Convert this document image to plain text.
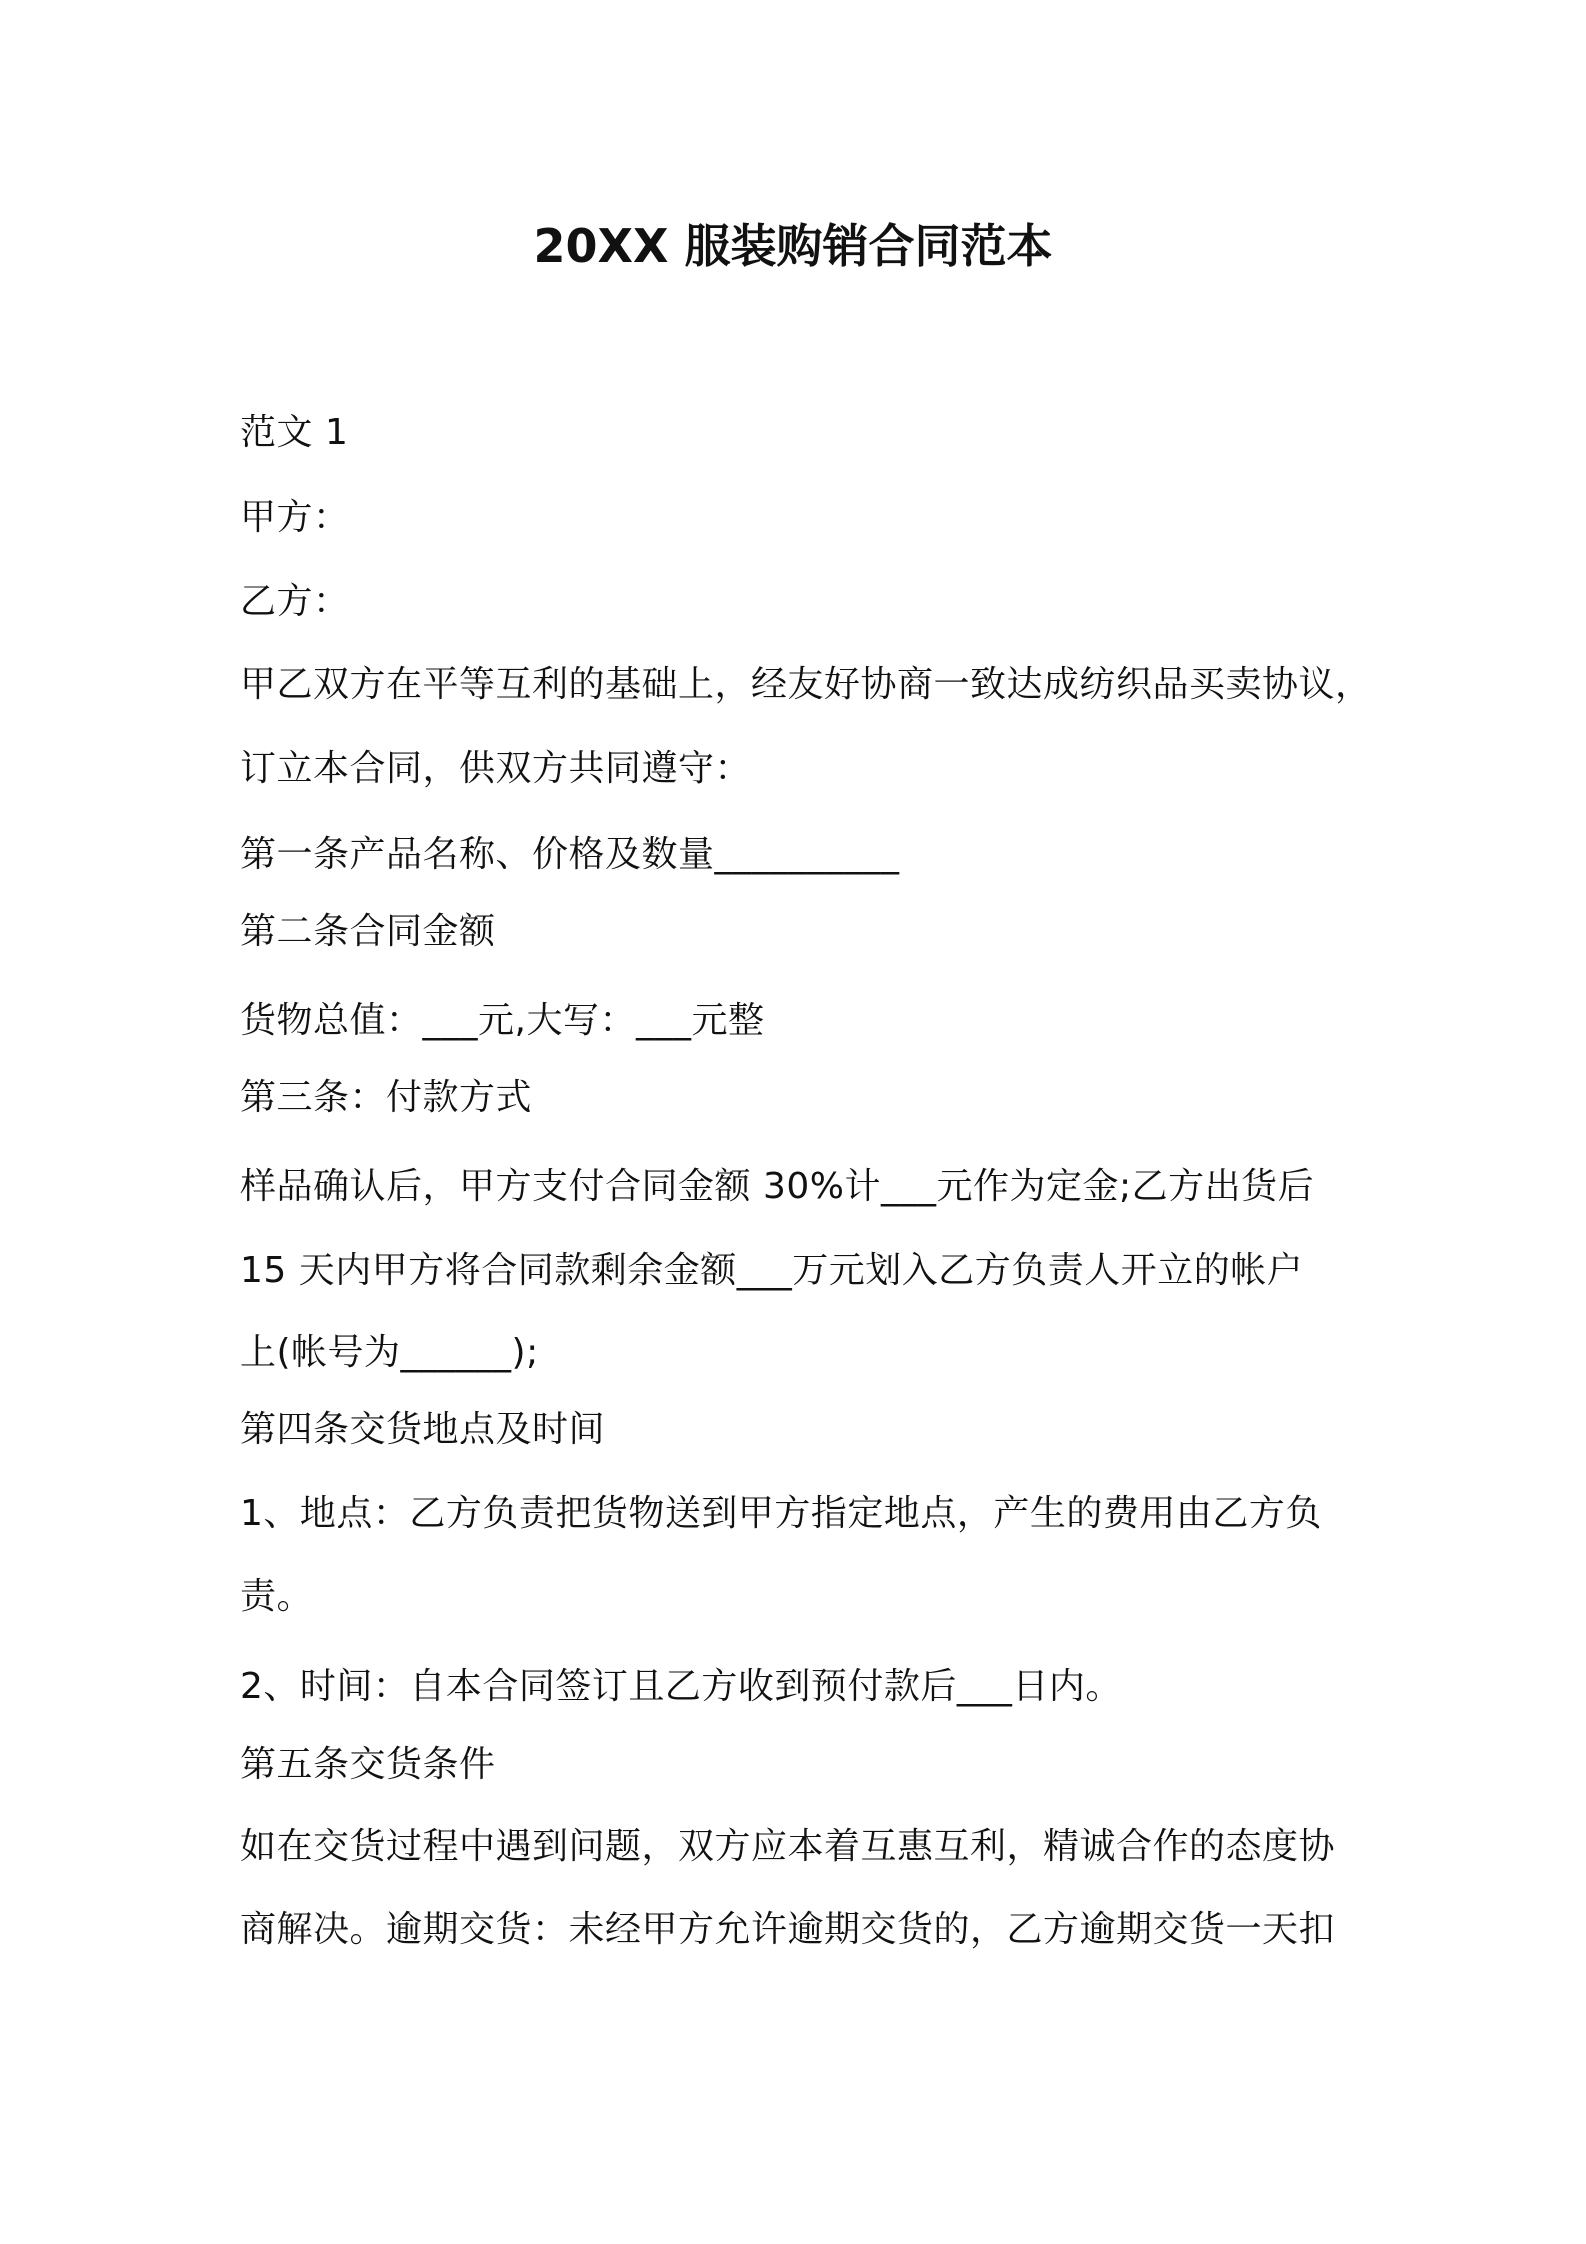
20XX 服装购销合同范本
范文 1
甲方：
乙方：
甲乙双方在平等互利的基础上，经友好协商一致达成纺织品买卖协议，
订立本合同，供双方共同遵守：
第一条产品名称、价格及数量__________
第二条合同金额
货物总值：___元,大写：___元整
第三条：付款方式
样品确认后，甲方支付合同金额 30%计___元作为定金;乙方出货后
15 天内甲方将合同款剩余金额___万元划入乙方负责人开立的帐户
上(帐号为______);
第四条交货地点及时间
1、地点：乙方负责把货物送到甲方指定地点，产生的费用由乙方负
责。
2、时间：自本合同签订且乙方收到预付款后___日内。
第五条交货条件
如在交货过程中遇到问题，双方应本着互惠互利，精诚合作的态度协
商解决。逾期交货：未经甲方允许逾期交货的，乙方逾期交货一天扣
